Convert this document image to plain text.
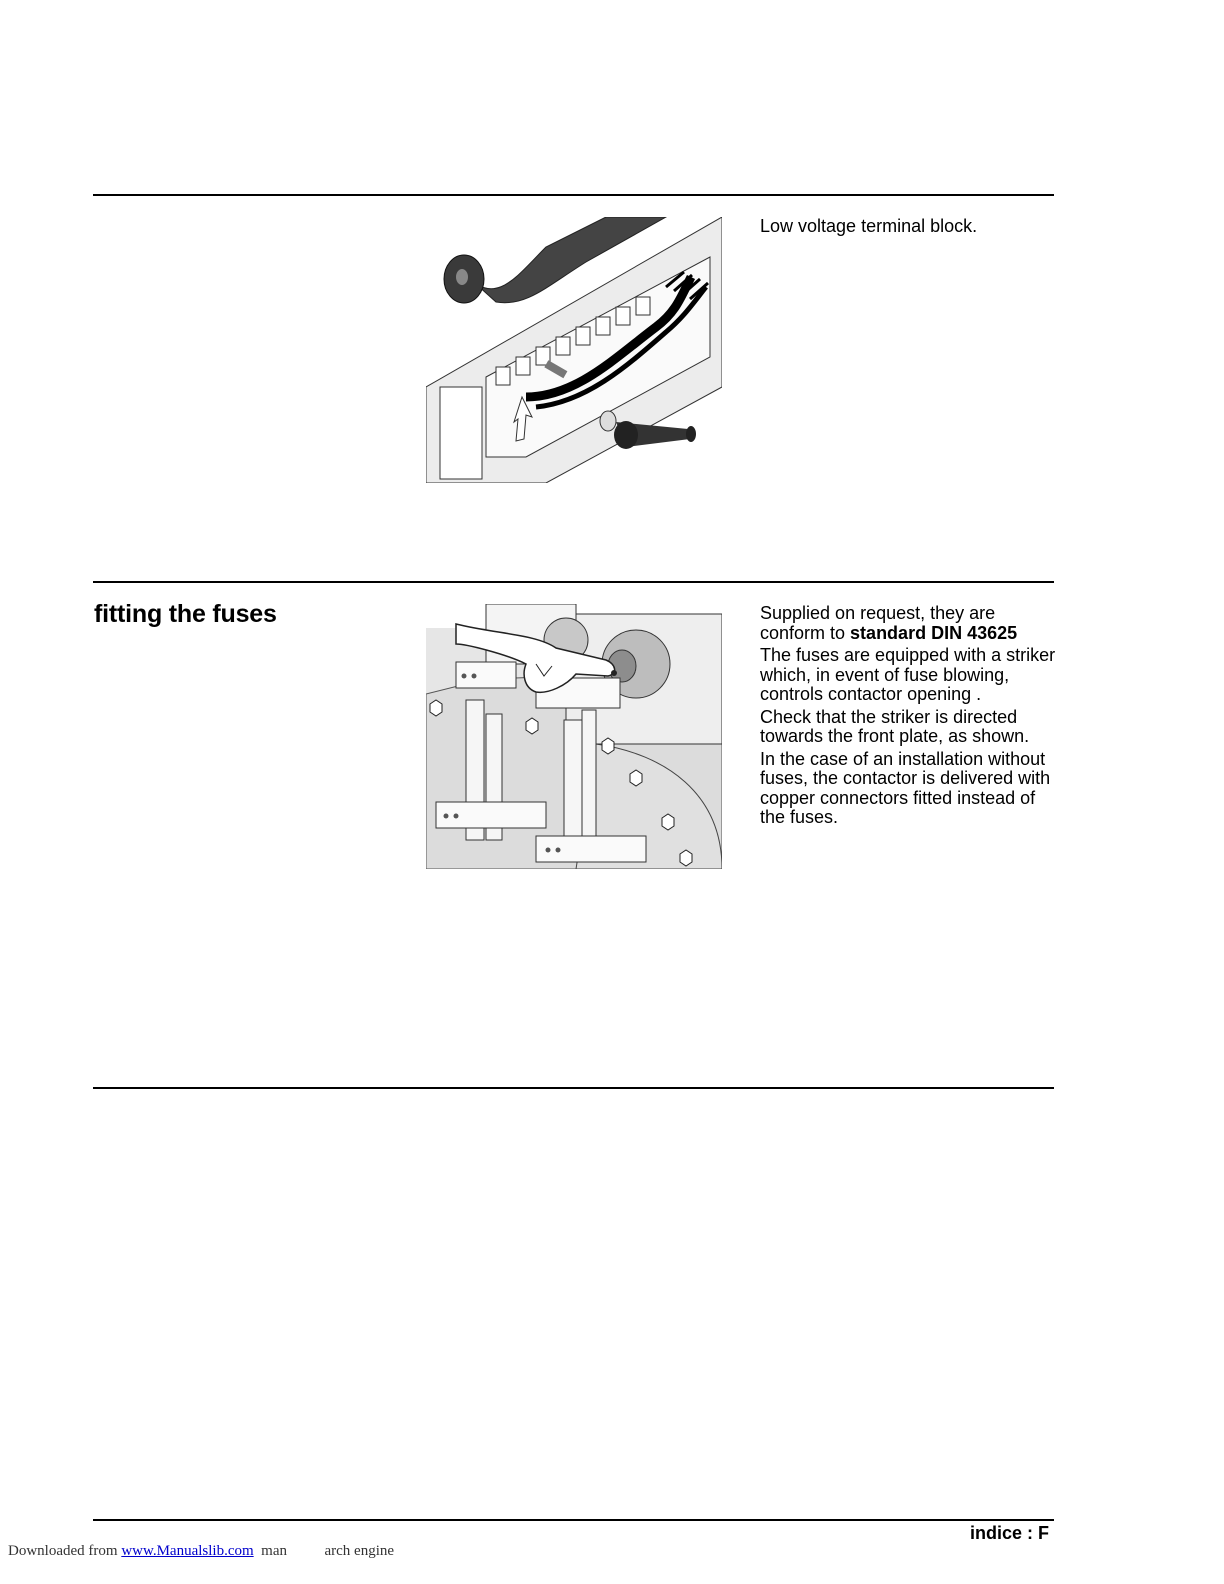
Low voltage terminal block.
fitting the fuses	Supplied on request, they are conform to standard DIN 43625

The fuses are equipped with a striker which, in event of fuse blowing, controls contactor opening .

Check that the striker is directed towards the front plate, as shown.

In the case of an installation without fuses, the contactor is delivered with copper connectors fitted instead of the fuses.

indice : F
Downloaded from www.Manualslib.com  man          arch engine
